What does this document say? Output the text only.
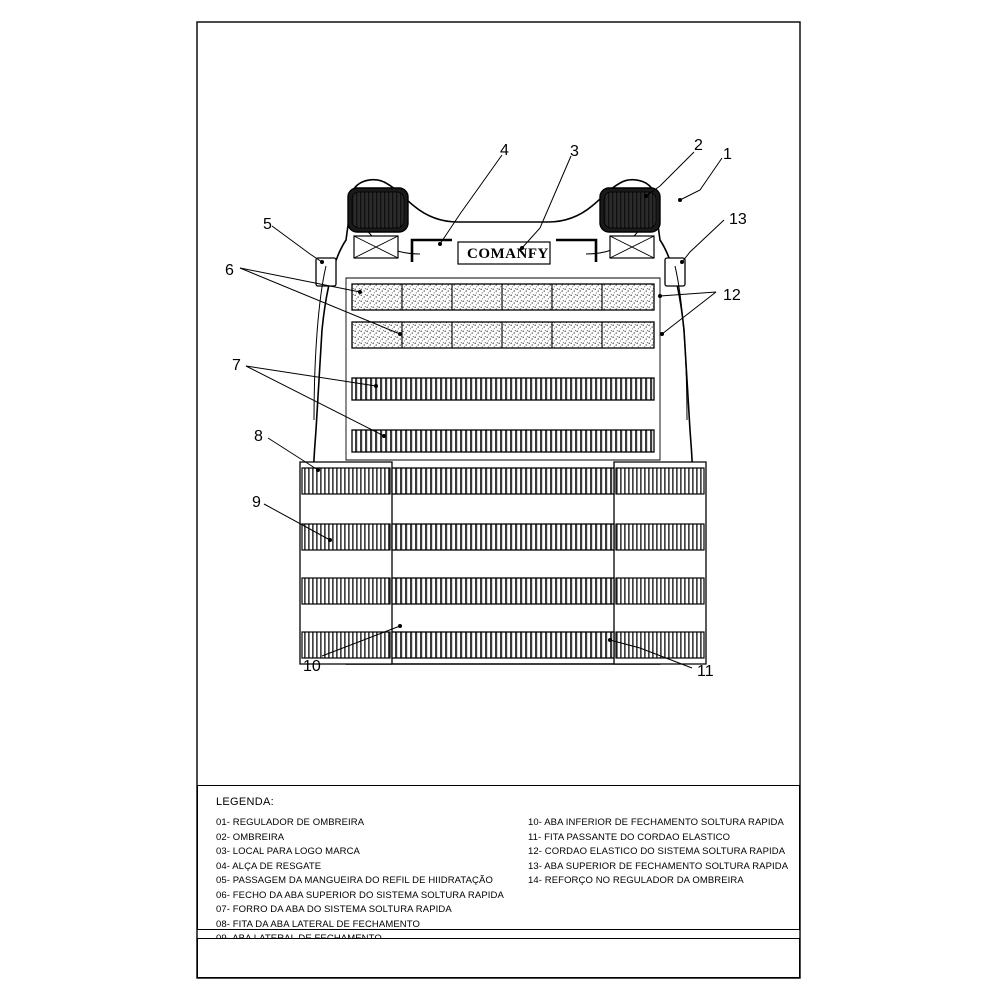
COMANFY
1
2
3
4
5
6
7
8
9
10	11
12
13
LEGENDA:
01- REGULADOR DE OMBREIRA
02- OMBREIRA
03- LOCAL PARA LOGO MARCA
04- ALÇA DE RESGATE
05- PASSAGEM DA MANGUEIRA DO REFIL DE HIIDRATAÇÃO
06- FECHO DA ABA SUPERIOR DO SISTEMA SOLTURA RAPIDA
07- FORRO DA ABA DO SISTEMA SOLTURA RAPIDA
08- FITA DA ABA LATERAL DE FECHAMENTO
10- ABA INFERIOR DE FECHAMENTO SOLTURA RAPIDA
11- FITA PASSANTE DO CORDAO ELASTICO
12- CORDAO ELASTICO DO SISTEMA SOLTURA RAPIDA
13- ABA SUPERIOR DE FECHAMENTO SOLTURA RAPIDA
14- REFORÇO NO REGULADOR DA OMBREIRA
